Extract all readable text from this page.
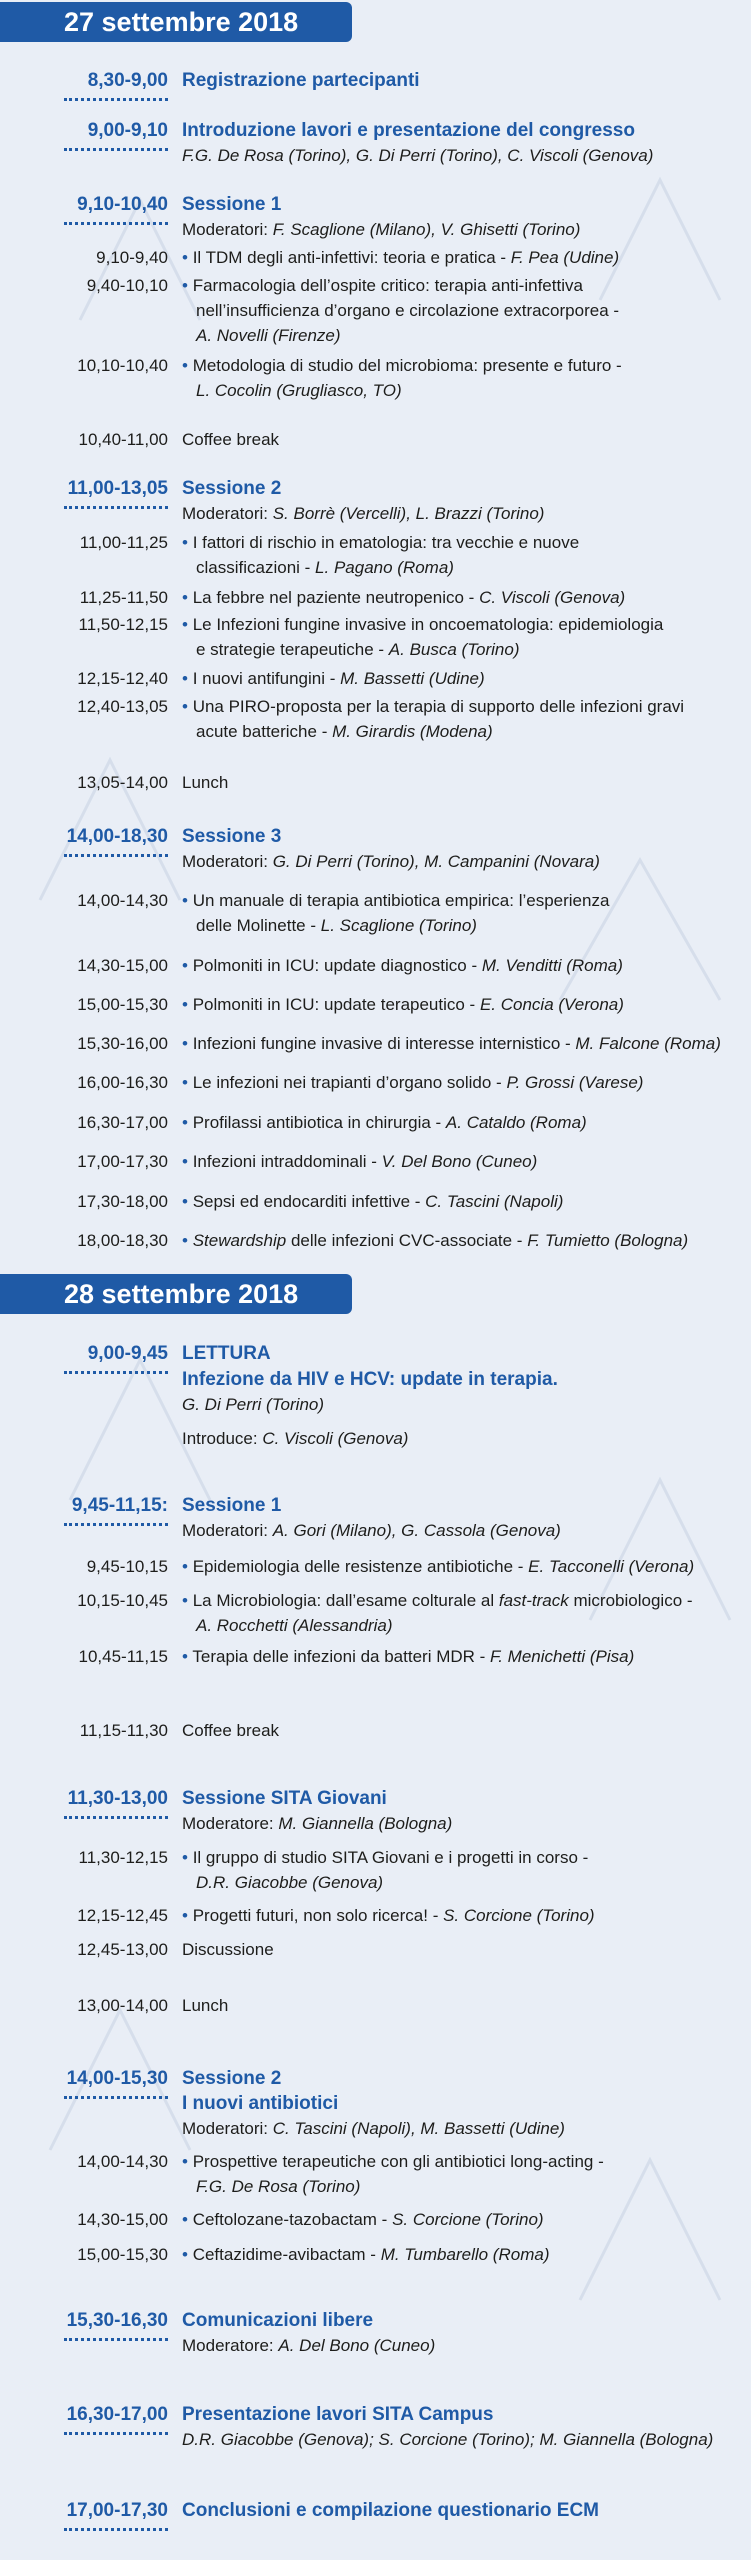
27 settembre 2018
8,30-9,00 Registrazione partecipanti
9,00-9,10 Introduzione lavori e presentazione del congresso
F.G. De Rosa (Torino), G. Di Perri (Torino), C. Viscoli (Genova)
9,10-10,40 Sessione 1
Moderatori: F. Scaglione (Milano), V. Ghisetti (Torino)
9,10-9,40 • Il TDM degli anti-infettivi: teoria e pratica - F. Pea (Udine)
9,40-10,10 • Farmacologia dell’ospite critico: terapia anti-infettiva
nell’insufficienza d’organo e circolazione extracorporea -
A. Novelli (Firenze)
10,10-10,40 • Metodologia di studio del microbioma: presente e futuro -
L. Cocolin (Grugliasco, TO)
10,40-11,00 Coffee break
11,00-13,05 Sessione 2
Moderatori: S. Borrè (Vercelli), L. Brazzi (Torino)
11,00-11,25 • I fattori di rischio in ematologia: tra vecchie e nuove
classificazioni - L. Pagano (Roma)
11,25-11,50 • La febbre nel paziente neutropenico - C. Viscoli (Genova)
11,50-12,15 • Le Infezioni fungine invasive in oncoematologia: epidemiologia
e strategie terapeutiche - A. Busca (Torino)
12,15-12,40 • I nuovi antifungini - M. Bassetti (Udine)
12,40-13,05 • Una PIRO-proposta per la terapia di supporto delle infezioni gravi
acute batteriche - M. Girardis (Modena)
13,05-14,00 Lunch
14,00-18,30 Sessione 3
Moderatori: G. Di Perri (Torino), M. Campanini (Novara)
14,00-14,30 • Un manuale di terapia antibiotica empirica: l’esperienza
delle Molinette - L. Scaglione (Torino)
14,30-15,00 • Polmoniti in ICU: update diagnostico - M. Venditti (Roma)
15,00-15,30 • Polmoniti in ICU: update terapeutico - E. Concia (Verona)
15,30-16,00 • Infezioni fungine invasive di interesse internistico - M. Falcone (Roma)
16,00-16,30 • Le infezioni nei trapianti d’organo solido - P. Grossi (Varese)
16,30-17,00 • Profilassi antibiotica in chirurgia - A. Cataldo (Roma)
17,00-17,30 • Infezioni intraddominali - V. Del Bono (Cuneo)
17,30-18,00 • Sepsi ed endocarditi infettive - C. Tascini (Napoli)
18,00-18,30 • Stewardship delle infezioni CVC-associate - F. Tumietto (Bologna)
28 settembre 2018
9,00-9,45 LETTURA
Infezione da HIV e HCV: update in terapia.
G. Di Perri (Torino)
Introduce: C. Viscoli (Genova)
9,45-11,15: Sessione 1
Moderatori: A. Gori (Milano), G. Cassola (Genova)
9,45-10,15 • Epidemiologia delle resistenze antibiotiche - E. Tacconelli (Verona)
10,15-10,45 • La Microbiologia: dall’esame colturale al fast-track microbiologico -
A. Rocchetti (Alessandria)
10,45-11,15 • Terapia delle infezioni da batteri MDR - F. Menichetti (Pisa)
11,15-11,30 Coffee break
11,30-13,00 Sessione SITA Giovani
Moderatore: M. Giannella (Bologna)
11,30-12,15 • Il gruppo di studio SITA Giovani e i progetti in corso -
D.R. Giacobbe (Genova)
12,15-12,45 • Progetti futuri, non solo ricerca! - S. Corcione (Torino)
12,45-13,00 Discussione
13,00-14,00 Lunch
14,00-15,30 Sessione 2
I nuovi antibiotici
Moderatori: C. Tascini (Napoli), M. Bassetti (Udine)
14,00-14,30 • Prospettive terapeutiche con gli antibiotici long-acting -
F.G. De Rosa (Torino)
14,30-15,00 • Ceftolozane-tazobactam - S. Corcione (Torino)
15,00-15,30 • Ceftazidime-avibactam - M. Tumbarello (Roma)
15,30-16,30 Comunicazioni libere
Moderatore: A. Del Bono (Cuneo)
16,30-17,00 Presentazione lavori SITA Campus
D.R. Giacobbe (Genova); S. Corcione (Torino); M. Giannella (Bologna)
17,00-17,30 Conclusioni e compilazione questionario ECM
